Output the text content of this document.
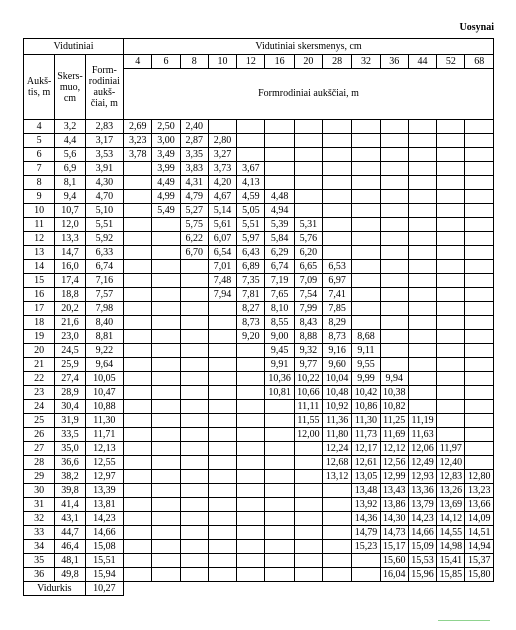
Uosynai
Vidutiniai			Vidutiniai skersmenys, cm												
Aukš-tis, m	Skers-muo, cm	Form-rodiniai aukš-čiai, m	4	6	8	10	12	16	20	28	32	36	44	52	68
			Formrodiniai aukščiai, m												
4	3,2	2,83	2,69	2,50	2,40										
5	4,4	3,17	3,23	3,00	2,87	2,80									
6	5,6	3,53	3,78	3,49	3,35	3,27									
7	6,9	3,91		3,99	3,83	3,73	3,67								
8	8,1	4,30		4,49	4,31	4,20	4,13								
9	9,4	4,70		4,99	4,79	4,67	4,59	4,48							
10	10,7	5,10		5,49	5,27	5,14	5,05	4,94							
11	12,0	5,51			5,75	5,61	5,51	5,39	5,31						
12	13,3	5,92			6,22	6,07	5,97	5,84	5,76						
13	14,7	6,33			6,70	6,54	6,43	6,29	6,20						
14	16,0	6,74				7,01	6,89	6,74	6,65	6,53					
15	17,4	7,16				7,48	7,35	7,19	7,09	6,97					
16	18,8	7,57				7,94	7,81	7,65	7,54	7,41					
17	20,2	7,98					8,27	8,10	7,99	7,85					
18	21,6	8,40					8,73	8,55	8,43	8,29					
19	23,0	8,81					9,20	9,00	8,88	8,73	8,68				
20	24,5	9,22						9,45	9,32	9,16	9,11				
21	25,9	9,64						9,91	9,77	9,60	9,55				
22	27,4	10,05						10,36	10,22	10,04	9,99	9,94			
23	28,9	10,47						10,81	10,66	10,48	10,42	10,38			
24	30,4	10,88							11,11	10,92	10,86	10,82			
25	31,9	11,30							11,55	11,36	11,30	11,25	11,19		
26	33,5	11,71							12,00	11,80	11,73	11,69	11,63		
27	35,0	12,13								12,24	12,17	12,12	12,06	11,97	
28	36,6	12,55								12,68	12,61	12,56	12,49	12,40	
29	38,2	12,97								13,12	13,05	12,99	12,93	12,83	12,80
30	39,8	13,39									13,48	13,43	13,36	13,26	13,23
31	41,4	13,81									13,92	13,86	13,79	13,69	13,66
32	43,1	14,23									14,36	14,30	14,23	14,12	14,09
33	44,7	14,66									14,79	14,73	14,66	14,55	14,51
34	46,4	15,08									15,23	15,17	15,09	14,98	14,94
35	48,1	15,51										15,60	15,53	15,41	15,37
36	49,8	15,94										16,04	15,96	15,85	15,80
Vidurkis		10,27													
